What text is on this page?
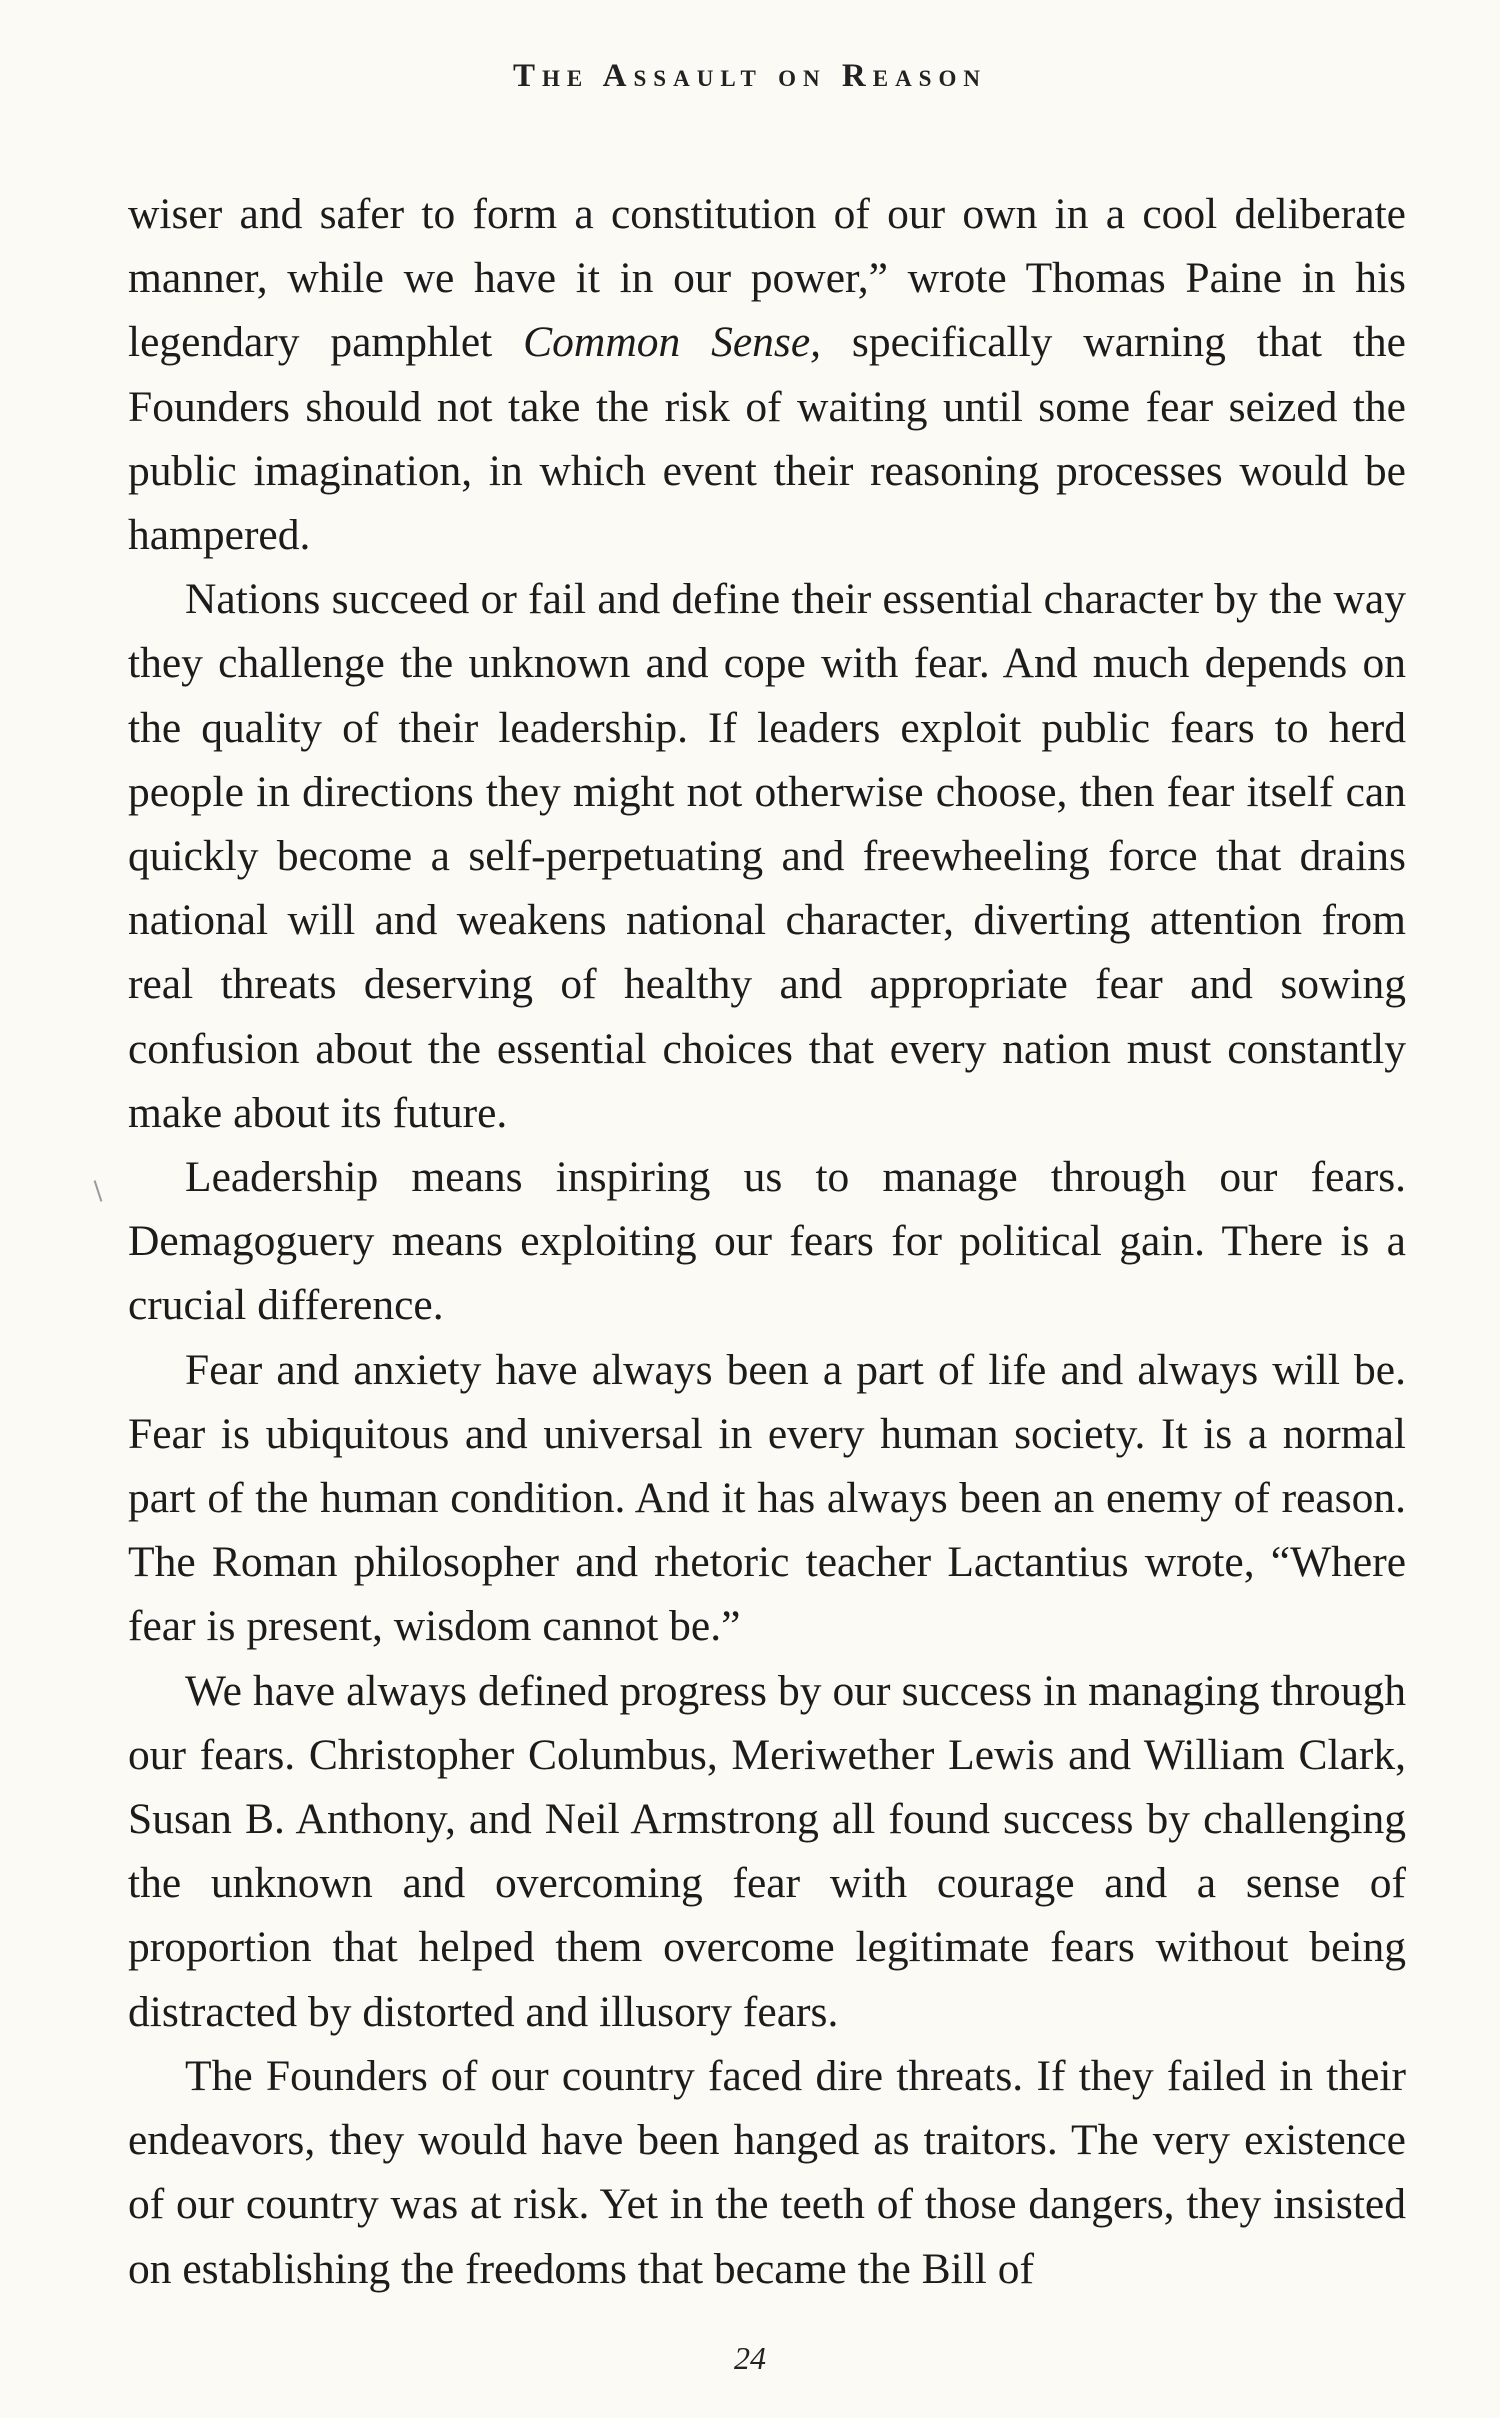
The Assault on Reason

wiser and safer to form a constitution of our own in a cool deliberate manner, while we have it in our power,” wrote Thomas Paine in his legendary pamphlet Common Sense, specifically warning that the Founders should not take the risk of waiting until some fear seized the public imagination, in which event their reasoning processes would be hampered.

Nations succeed or fail and define their essential character by the way they challenge the unknown and cope with fear. And much depends on the quality of their leadership. If leaders exploit public fears to herd people in directions they might not otherwise choose, then fear itself can quickly become a self-perpetuating and freewheeling force that drains national will and weakens national character, diverting attention from real threats deserving of healthy and appropriate fear and sowing confusion about the essential choices that every nation must constantly make about its future.

Leadership means inspiring us to manage through our fears. Demagoguery means exploiting our fears for political gain. There is a crucial difference.

Fear and anxiety have always been a part of life and always will be. Fear is ubiquitous and universal in every human society. It is a normal part of the human condition. And it has always been an enemy of reason. The Roman philosopher and rhetoric teacher Lactantius wrote, “Where fear is present, wisdom cannot be.”

We have always defined progress by our success in managing through our fears. Christopher Columbus, Meriwether Lewis and William Clark, Susan B. Anthony, and Neil Armstrong all found success by challenging the unknown and overcoming fear with courage and a sense of proportion that helped them overcome legitimate fears without being distracted by distorted and illusory fears.

The Founders of our country faced dire threats. If they failed in their endeavors, they would have been hanged as traitors. The very existence of our country was at risk. Yet in the teeth of those dangers, they insisted on establishing the freedoms that became the Bill of

24
